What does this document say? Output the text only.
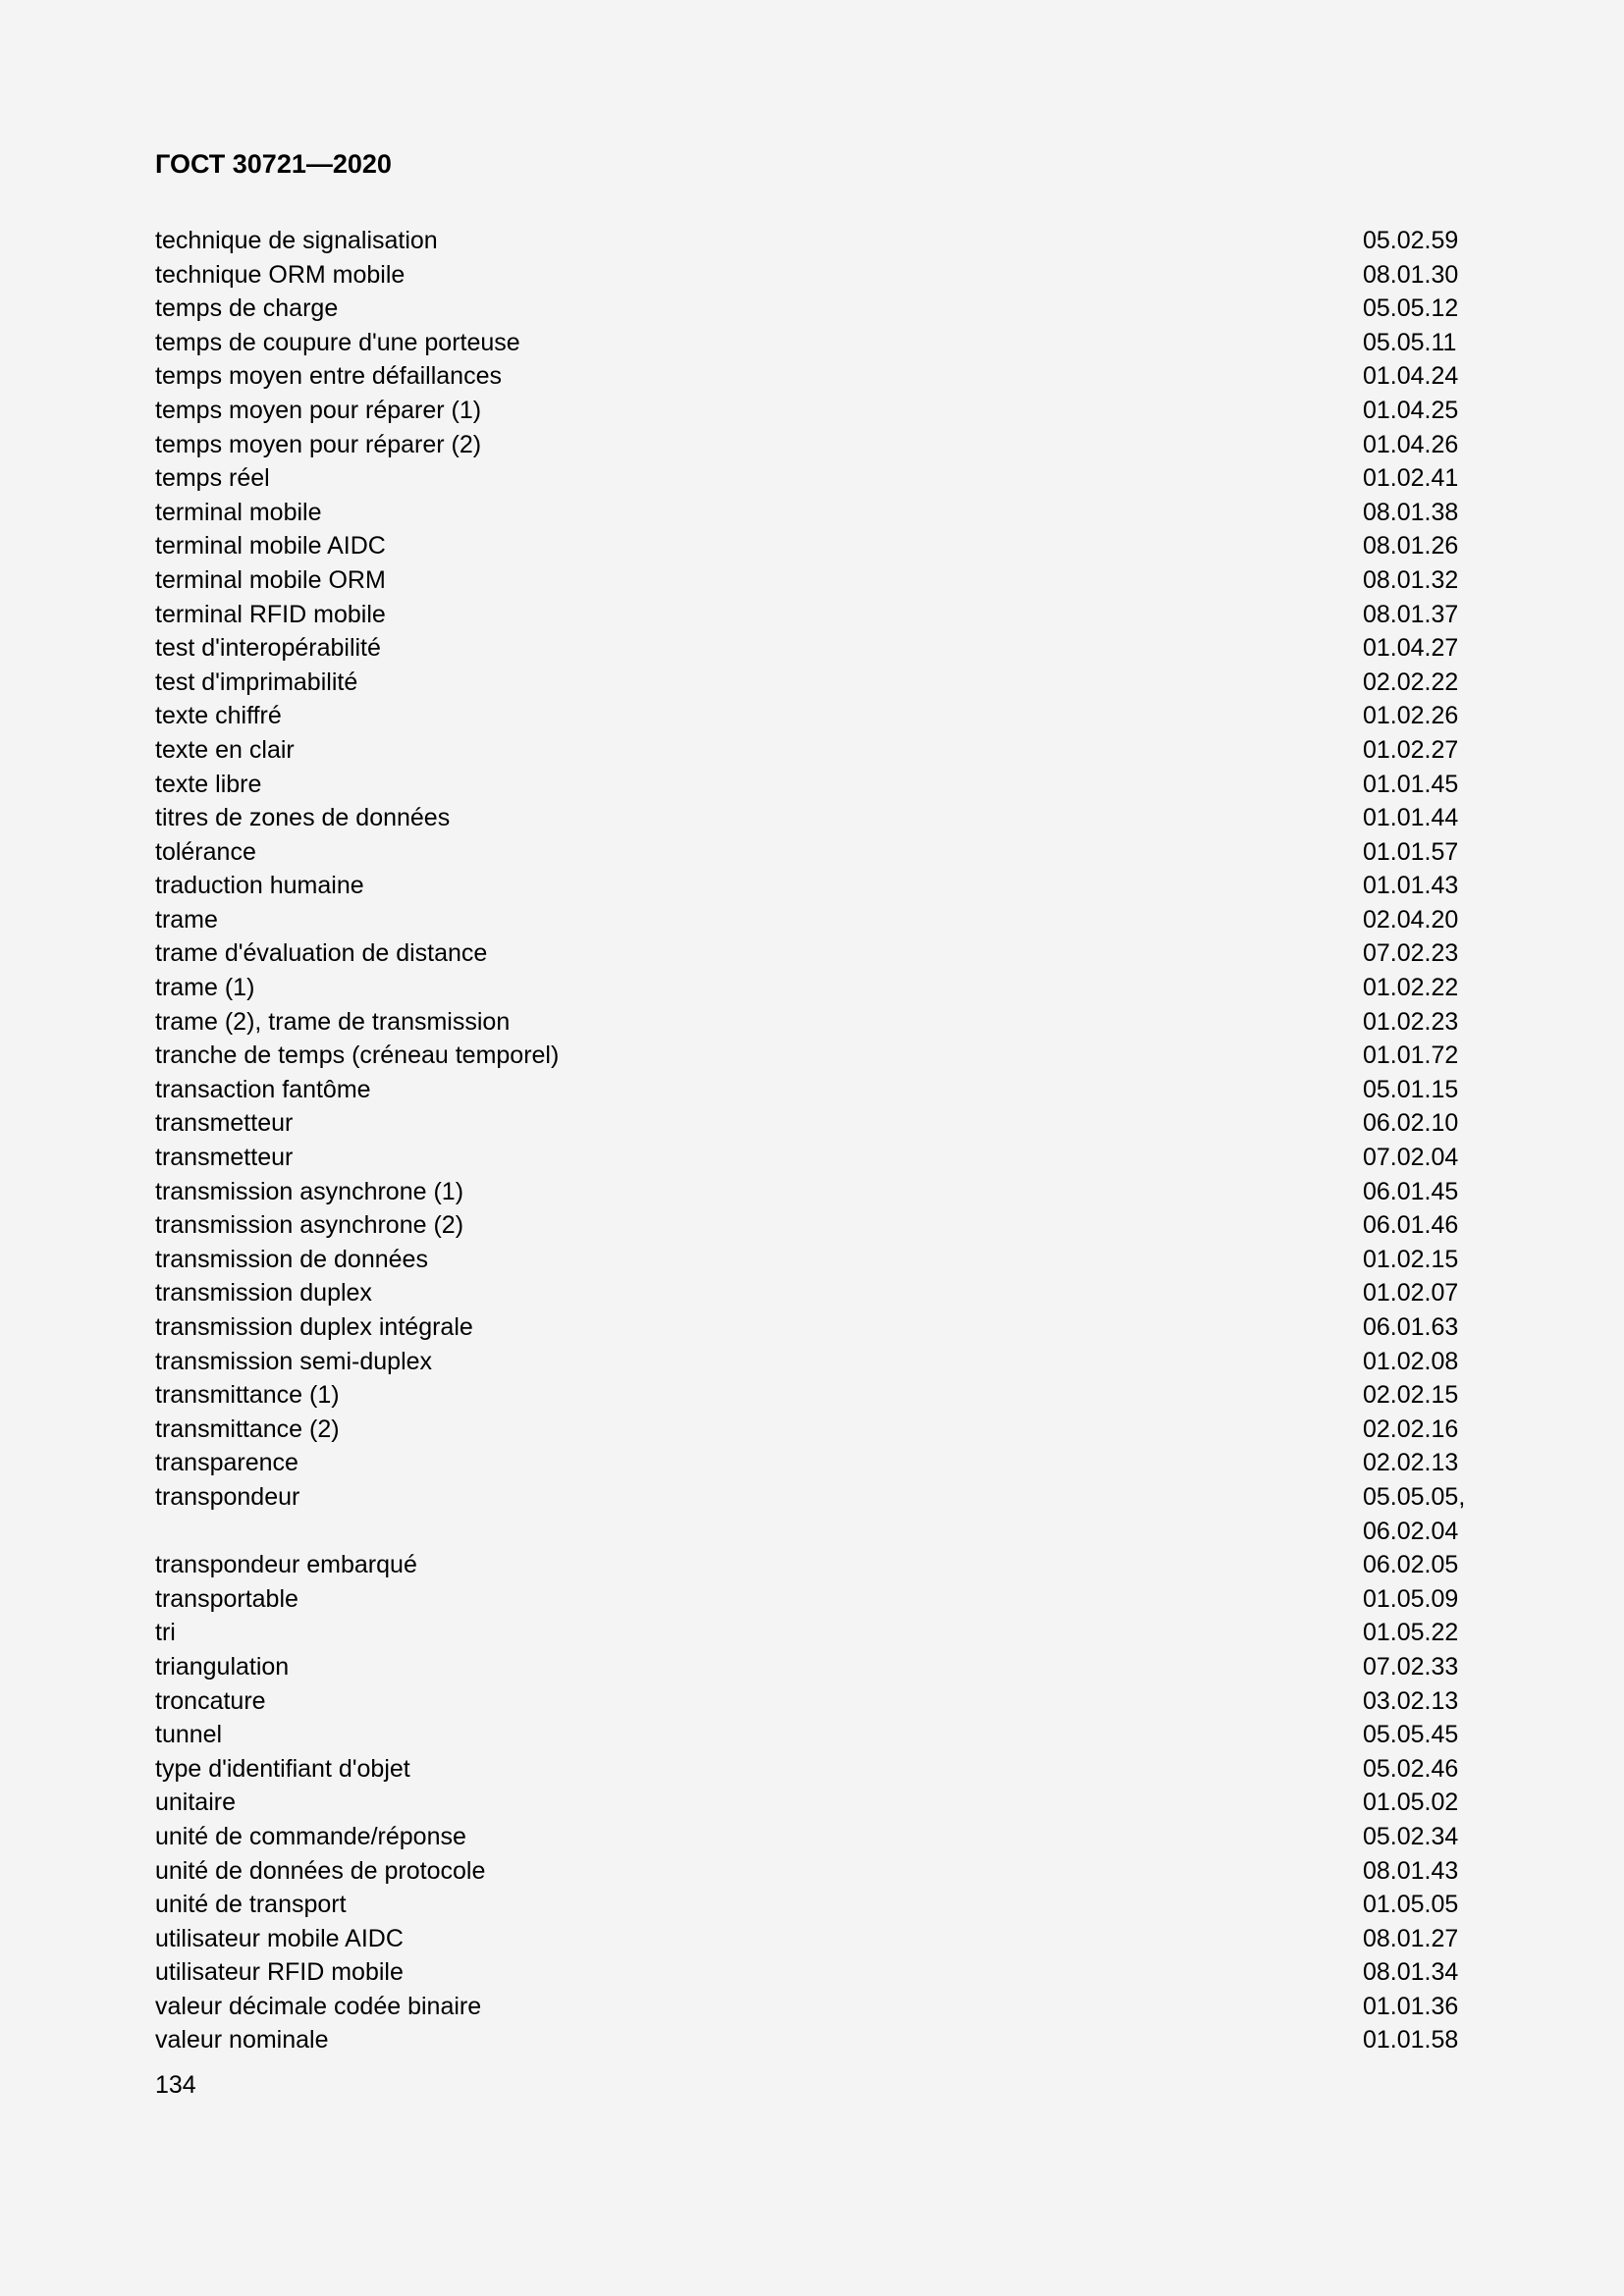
ГОСТ 30721—2020
technique de signalisation	05.02.59
technique ORM mobile	08.01.30
temps de charge	05.05.12
temps de coupure d'une porteuse	05.05.11
temps moyen entre défaillances	01.04.24
temps moyen pour réparer (1)	01.04.25
temps moyen pour réparer (2)	01.04.26
temps réel	01.02.41
terminal mobile	08.01.38
terminal mobile AIDC	08.01.26
terminal mobile ORM	08.01.32
terminal RFID mobile	08.01.37
test d'interopérabilité	01.04.27
test d'imprimabilité	02.02.22
texte chiffré	01.02.26
texte en clair	01.02.27
texte libre	01.01.45
titres de zones de données	01.01.44
tolérance	01.01.57
traduction humaine	01.01.43
trame	02.04.20
trame d'évaluation de distance	07.02.23
trame (1)	01.02.22
trame (2), trame de transmission	01.02.23
tranche de temps (créneau temporel)	01.01.72
transaction fantôme	05.01.15
transmetteur	06.02.10
transmetteur	07.02.04
transmission asynchrone (1)	06.01.45
transmission asynchrone (2)	06.01.46
transmission de données	01.02.15
transmission duplex	01.02.07
transmission duplex intégrale	06.01.63
transmission semi-duplex	01.02.08
transmittance (1)	02.02.15
transmittance (2)	02.02.16
transparence	02.02.13
transpondeur	05.05.05,
06.02.04
transpondeur embarqué	06.02.05
transportable	01.05.09
tri	01.05.22
triangulation	07.02.33
troncature	03.02.13
tunnel	05.05.45
type d'identifiant d'objet	05.02.46
unitaire	01.05.02
unité de commande/réponse	05.02.34
unité de données de protocole	08.01.43
unité de transport	01.05.05
utilisateur mobile AIDC	08.01.27
utilisateur RFID mobile	08.01.34
valeur décimale codée binaire	01.01.36
valeur nominale	01.01.58
134
